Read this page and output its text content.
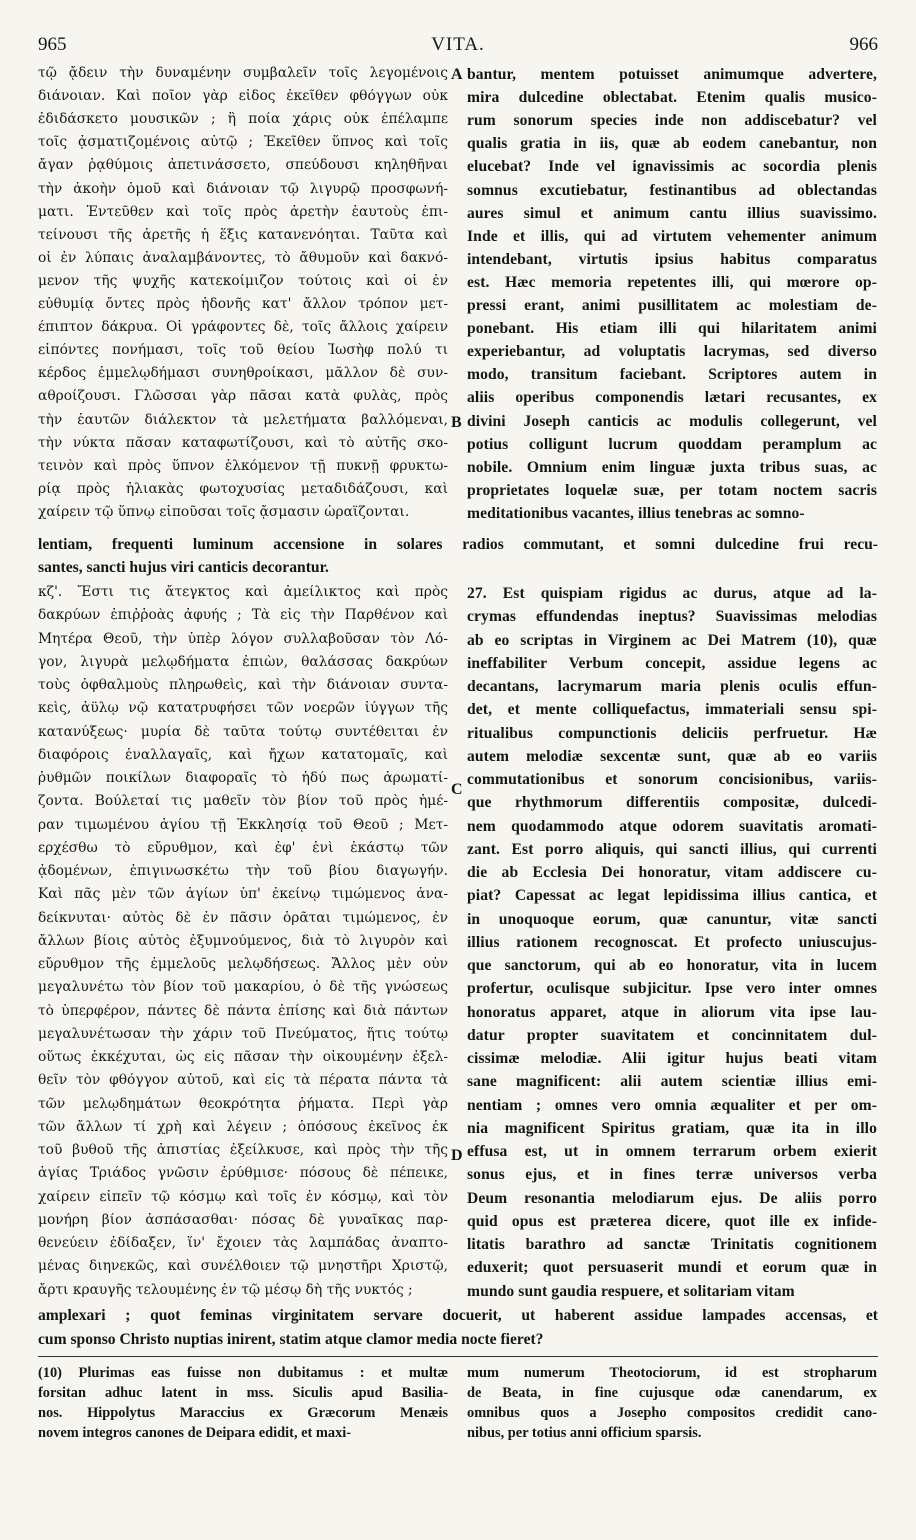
965	VITA.	966
τῷ ᾄδειν τὴν δυναμένην συμβαλεῖν τοῖς λεγομένοις
διάνοιαν. Καὶ ποῖον γὰρ εἶδος ἐκεῖθεν φθόγγων οὐκ
ἐδιδάσκετο μουσικῶν ; ἢ ποία χάρις οὐκ ἐπέλαμπε
τοῖς ᾀσματιζομένοις αὐτῷ ; Ἐκεῖθεν ὕπνος καὶ τοῖς
ἄγαν ῥᾳθύμοις ἀπετινάσσετο, σπεύδουσι κηληθῆναι
τὴν ἀκοὴν ὁμοῦ καὶ διάνοιαν τῷ λιγυρῷ προσφωνή-
ματι. Ἐντεῦθεν καὶ τοῖς πρὸς ἀρετὴν ἑαυτοὺς ἐπι-
τείνουσι τῆς ἀρετῆς ἡ ἕξις κατανενόηται. Ταῦτα καὶ
οἱ ἐν λύπαις ἀναλαμβάνοντες, τὸ ἄθυμοῦν καὶ δακνό-
μενον τῆς ψυχῆς κατεκοίμιζον τούτοις καὶ οἱ ἐν
εὐθυμίᾳ ὄντες πρὸς ἡδονῆς κατ' ἄλλον τρόπον μετ-
έπιπτον δάκρυα. Οἱ γράφοντες δὲ, τοῖς ἄλλοις χαίρειν
εἰπόντες πονήμασι, τοῖς τοῦ θείου Ἰωσὴφ πολύ τι
κέρδος ἐμμελῳδήμασι συνηθροίκασι, μᾶλλον δὲ συν-
αθροίζουσι. Γλῶσσαι γὰρ πᾶσαι κατὰ φυλὰς, πρὸς
τὴν ἑαυτῶν διάλεκτον τὰ μελετήματα βαλλόμεναι,
τὴν νύκτα πᾶσαν καταφωτίζουσι, καὶ τὸ αὐτῆς σκο-
τεινὸν καὶ πρὸς ὕπνον ἑλκόμενον τῇ πυκνῇ φρυκτω-
ρίᾳ πρὸς ἡλιακὰς φωτοχυσίας μεταδιδάζουσι, καὶ
χαίρειν τῷ ὕπνῳ εἰποῦσαι τοῖς ᾄσμασιν ὡραΐζονται.
bantur, mentem potuisset animumque advertere,
mira dulcedine oblectabat. Etenim qualis musico-
rum sonorum species inde non addiscebatur? vel
qualis gratia in iis, quæ ab eodem canebantur, non
elucebat? Inde vel ignavissimis ac socordia plenis
somnus excutiebatur, festinantibus ad oblectandas
aures simul et animum cantu illius suavissimo.
Inde et illis, qui ad virtutem vehementer animum
intendebant, virtutis ipsius habitus comparatus
est. Hæc memoria repetentes illi, qui mœrore op-
pressi erant, animi pusillitatem ac molestiam de-
ponebant. His etiam illi qui hilaritatem animi
experiebantur, ad voluptatis lacrymas, sed diverso
modo, transitum faciebant. Scriptores autem in
aliis operibus componendis lætari recusantes, ex
divini Joseph canticis ac modulis collegerunt, vel
potius colligunt lucrum quoddam peramplum ac
nobile. Omnium enim linguæ juxta tribus suas, ac
proprietates loquelæ suæ, per totam noctem sacris
meditationibus vacantes, illius tenebras ac somno-
lentiam, frequenti luminum accensione in solares radios commutant, et somni dulcedine frui recu-
santes, sancti hujus viri canticis decorantur.
κζ'. Ἔστι τις ἄτεγκτος καὶ ἀμείλικτος καὶ πρὸς
δακρύων ἐπιῤῥοὰς ἀφυής ; Τὰ εἰς τὴν Παρθένον καὶ
Μητέρα Θεοῦ, τὴν ὑπὲρ λόγον συλλαβοῦσαν τὸν Λό-
γον, λιγυρὰ μελῳδήματα ἐπιὼν, θαλάσσας δακρύων
τοὺς ὀφθαλμοὺς πληρωθεὶς, καὶ τὴν διάνοιαν συντα-
κεὶς, ἀΰλῳ νῷ κατατρυφήσει τῶν νοερῶν ἰύγγων τῆς
κατανύξεως· μυρία δὲ ταῦτα τούτῳ συντέθειται ἐν
διαφόροις ἐναλλαγαῖς, καὶ ἤχων κατατομαῖς, καὶ
ῥυθμῶν ποικίλων διαφοραῖς τὸ ἡδύ πως ἀρωματί-
ζοντα. Βούλεταί τις μαθεῖν τὸν βίον τοῦ πρὸς ἡμέ-
ραν τιμωμένου ἁγίου τῇ Ἐκκλησίᾳ τοῦ Θεοῦ ; Μετ-
ερχέσθω τὸ εὔρυθμον, καὶ ἐφ' ἑνὶ ἑκάστῳ τῶν
ᾀδομένων, ἐπιγινωσκέτω τὴν τοῦ βίου διαγωγήν.
Καὶ πᾶς μὲν τῶν ἁγίων ὑπ' ἐκείνῳ τιμώμενος ἀνα-
δείκνυται· αὐτὸς δὲ ἐν πᾶσιν ὁρᾶται τιμώμενος, ἐν
ἄλλων βίοις αὐτὸς ἐξυμνούμενος, διὰ τὸ λιγυρὸν καὶ
εὔρυθμον τῆς ἐμμελοῦς μελῳδήσεως. Ἄλλος μὲν οὖν
μεγαλυνέτω τὸν βίον τοῦ μακαρίου, ὁ δὲ τῆς γνώσεως
τὸ ὑπερφέρον, πάντες δὲ πάντα ἐπίσης καὶ διὰ πάντων
μεγαλυνέτωσαν τὴν χάριν τοῦ Πνεύματος, ἥτις τούτῳ
οὕτως ἐκκέχυται, ὡς εἰς πᾶσαν τὴν οἰκουμένην ἐξελ-
θεῖν τὸν φθόγγον αὐτοῦ, καὶ εἰς τὰ πέρατα πάντα τὰ
τῶν μελῳδημάτων θεοκρότητα ῥήματα. Περὶ γὰρ
τῶν ἄλλων τί χρὴ καὶ λέγειν ; ὁπόσους ἐκεῖνος ἐκ
τοῦ βυθοῦ τῆς ἀπιστίας ἐξείλκυσε, καὶ πρὸς τὴν τῆς
ἁγίας Τριάδος γνῶσιν ἐρύθμισε· πόσους δὲ πέπεικε,
χαίρειν εἰπεῖν τῷ κόσμῳ καὶ τοῖς ἐν κόσμῳ, καὶ τὸν
μονήρη βίον ἀσπάσασθαι· πόσας δὲ γυναῖκας παρ-
θενεύειν ἐδίδαξεν, ἵν' ἔχοιεν τὰς λαμπάδας ἀναπτο-
μένας διηνεκῶς, καὶ συνέλθοιεν τῷ μνηστῆρι Χριστῷ,
ἄρτι κραυγῆς τελουμένης ἐν τῷ μέσῳ δὴ τῆς νυκτός ;
27. Est quispiam rigidus ac durus, atque ad la-
crymas effundendas ineptus? Suavissimas melodias
ab eo scriptas in Virginem ac Dei Matrem (10), quæ
ineffabiliter Verbum concepit, assidue legens ac
decantans, lacrymarum maria plenis oculis effun-
det, et mente colliquefactus, immateriali sensu spi-
ritualibus compunctionis deliciis perfruetur. Hæ
autem melodiæ sexcentæ sunt, quæ ab eo variis
commutationibus et sonorum concisionibus, variis-
que rhythmorum differentiis compositæ, dulcedi-
nem quodammodo atque odorem suavitatis aromati-
zant. Est porro aliquis, qui sancti illius, qui currenti
die ab Ecclesia Dei honoratur, vitam addiscere cu-
piat? Capessat ac legat lepidissima illius cantica, et
in unoquoque eorum, quæ canuntur, vitæ sancti
illius rationem recognoscat. Et profecto uniuscujus-
que sanctorum, qui ab eo honoratur, vita in lucem
profertur, oculisque subjicitur. Ipse vero inter omnes
honoratus apparet, atque in aliorum vita ipse lau-
datur propter suavitatem et concinnitatem dul-
cissimæ melodiæ. Alii igitur hujus beati vitam
sane magnificent: alii autem scientiæ illius emi-
nentiam ; omnes vero omnia æqualiter et per om-
nia magnificent Spiritus gratiam, quæ ita in illo
effusa est, ut in omnem terrarum orbem exierit
sonus ejus, et in fines terræ universos verba
Deum resonantia melodiarum ejus. De aliis porro
quid opus est præterea dicere, quot ille ex infide-
litatis barathro ad sanctæ Trinitatis cognitionem
eduxerit; quot persuaserit mundi et eorum quæ in
mundo sunt gaudia respuere, et solitariam vitam
amplexari ; quot feminas virginitatem servare docuerit, ut haberent assidue lampades accensas, et
cum sponso Christo nuptias inirent, statim atque clamor media nocte fieret?
(10) Plurimas eas fuisse non dubitamus : et multæ
forsitan adhuc latent in mss. Siculis apud Basilia-
nos. Hippolytus Maraccius ex Græcorum Menæis
novem integros canones de Deipara edidit, et maxi-
mum numerum Theotociorum, id est stropharum
de Beata, in fine cujusque odæ canendarum, ex
omnibus quos a Josepho compositos credidit cano-
nibus, per totius anni officium sparsis.
A
B
C
D
